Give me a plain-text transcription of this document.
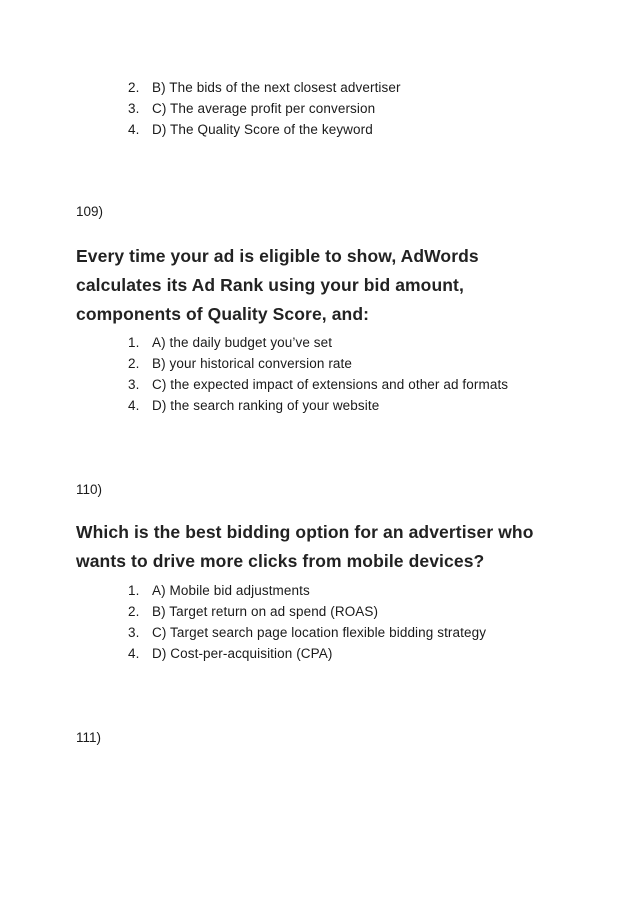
2. B) The bids of the next closest advertiser
3. C) The average profit per conversion
4. D) The Quality Score of the keyword
109)

Every time your ad is eligible to show, AdWords calculates its Ad Rank using your bid amount, components of Quality Score, and:

1. A) the daily budget you’ve set
2. B) your historical conversion rate
3. C) the expected impact of extensions and other ad formats
4. D) the search ranking of your website
110)

Which is the best bidding option for an advertiser who wants to drive more clicks from mobile devices?

1. A) Mobile bid adjustments
2. B) Target return on ad spend (ROAS)
3. C) Target search page location flexible bidding strategy
4. D) Cost-per-acquisition (CPA)
111)
